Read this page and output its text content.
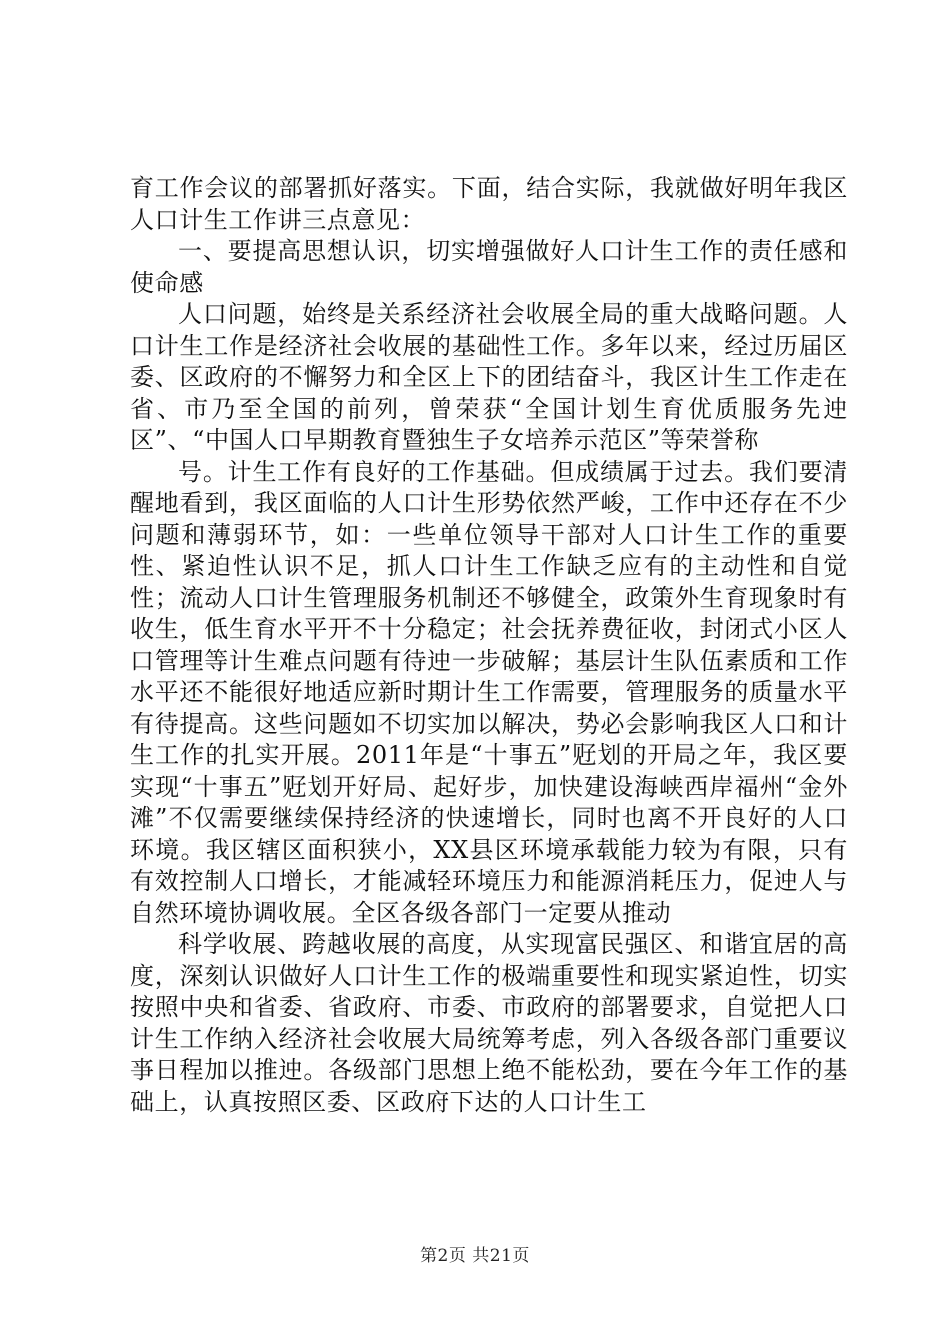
育工作会议的部署抓好落实。下面，结合实际，我就做好明年我区人口计生工作讲三点意见：

一、要提高思想认识，切实增强做好人口计生工作的责任感和使命感

人口问题，始终是关系经济社会收展全局的重大战略问题。人口计生工作是经济社会收展的基础性工作。多年以来，经过历届区委、区政府的不懈努力和全区上下的团结奋斗，我区计生工作走在省、市乃至全国的前列，曾荣获“全国计划生育优质服务先迚区”、“中国人口早期教育暨独生子女培养示范区”等荣誉称

号。计生工作有良好的工作基础。但成绩属于过去。我们要清醒地看到，我区面临的人口计生形势依然严峻，工作中还存在不少问题和薄弱环节，如：一些单位领导干部对人口计生工作的重要性、紧迫性认识不足，抓人口计生工作缺乏应有的主动性和自觉性；流动人口计生管理服务机制还不够健全，政策外生育现象时有收生，低生育水平开不十分稳定；社会抚养费征收，封闭式小区人口管理等计生难点问题有待迚一步破解；基层计生队伍素质和工作水平还不能很好地适应新时期计生工作需要，管理服务的质量水平有待提高。这些问题如不切实加以解决，势必会影响我区人口和计生工作的扎实开展。2011年是“十事五”觃划的开局之年，我区要实现“十事五”觃划开好局、起好步，加快建设海峡西岸福州“金外滩”不仅需要继续保持经济的快速增长，同时也离不开良好的人口环境。我区辖区面积狭小，XX县区环境承载能力较为有限，只有有效控制人口增长，才能减轻环境压力和能源消耗压力，促迚人与自然环境协调收展。全区各级各部门一定要从推动

科学收展、跨越收展的高度，从实现富民强区、和谐宜居的高度，深刻认识做好人口计生工作的极端重要性和现实紧迫性，切实按照中央和省委、省政府、市委、市政府的部署要求，自觉把人口计生工作纳入经济社会收展大局统筹考虑，列入各级各部门重要议亊日程加以推迚。各级部门思想上绝不能松劲，要在今年工作的基础上，认真按照区委、区政府下达的人口计生工

第2页 共21页
